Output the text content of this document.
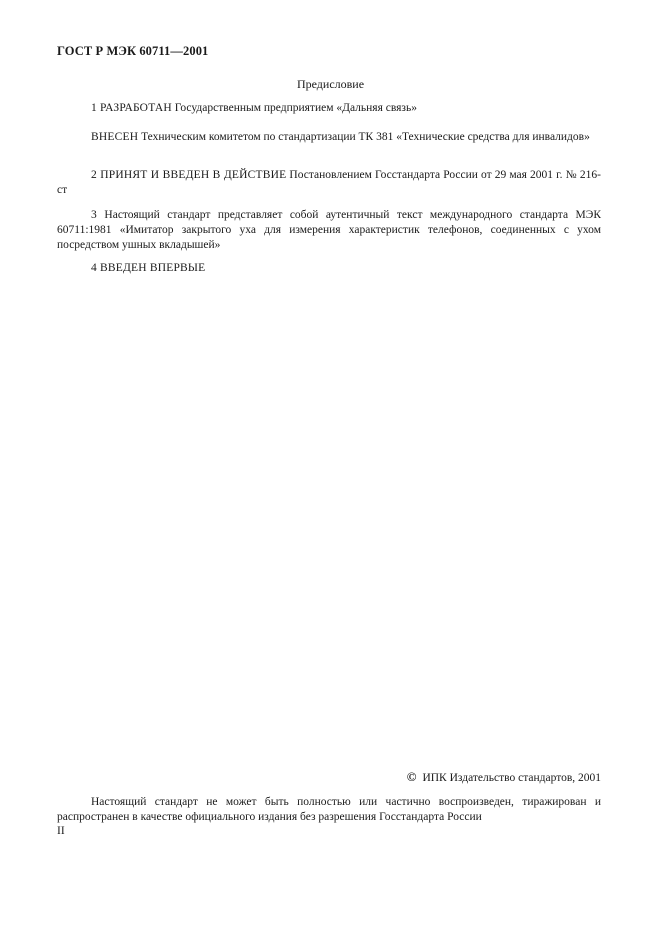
ГОСТ Р МЭК 60711—2001
Предисловие
1 РАЗРАБОТАН Государственным предприятием «Дальняя связь»
ВНЕСЕН Техническим комитетом по стандартизации ТК 381 «Технические средства для инвалидов»
2 ПРИНЯТ И ВВЕДЕН В ДЕЙСТВИЕ Постановлением Госстандарта России от 29 мая 2001 г. № 216-ст
3 Настоящий стандарт представляет собой аутентичный текст международного стандарта МЭК 60711:1981 «Имитатор закрытого уха для измерения характеристик телефонов, соединенных с ухом посредством ушных вкладышей»
4 ВВЕДЕН ВПЕРВЫЕ
© ИПК Издательство стандартов, 2001
Настоящий стандарт не может быть полностью или частично воспроизведен, тиражирован и распространен в качестве официального издания без разрешения Госстандарта России
II
